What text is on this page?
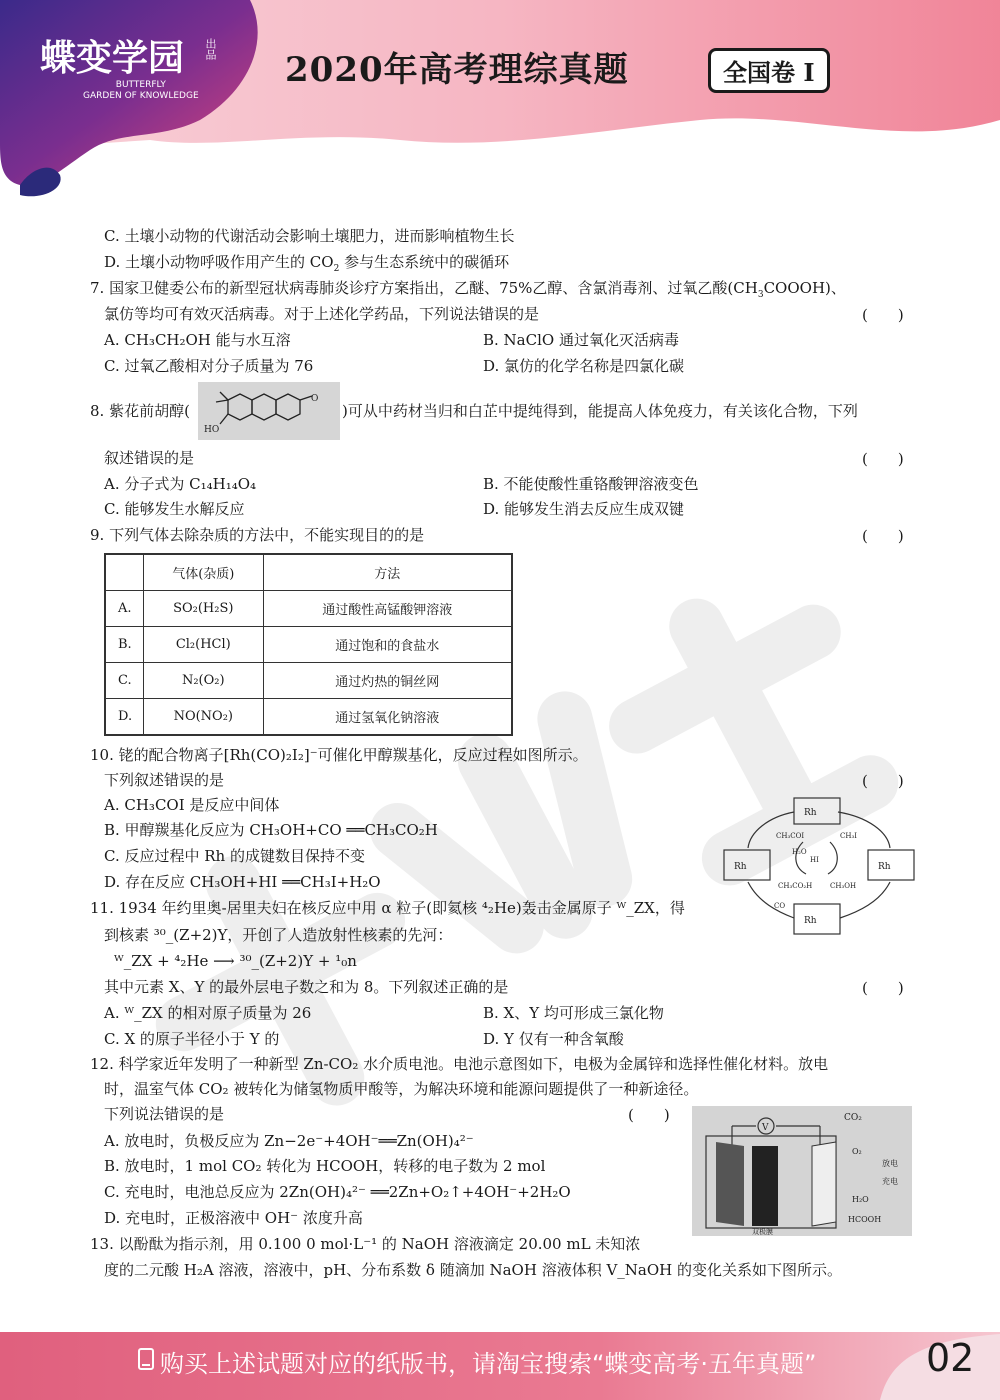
蝶变学园
BUTTERFLY
GARDEN OF KNOWLEDGE
出品
2020年高考理综真题	全国卷 I
C. 土壤小动物的代谢活动会影响土壤肥力，进而影响植物生长
D. 土壤小动物呼吸作用产生的 $CO_2$ 参与生态系统中的碳循环
7. 国家卫健委公布的新型冠状病毒肺炎诊疗方案指出，乙醚、75%乙醇、含氯消毒剂、过氧乙酸$(CH_3COOOH)$、
氯仿等均可有效灭活病毒。对于上述化学药品，下列说法错误的是	(　　)
A. CH₃CH₂OH 能与水互溶	B. NaClO 通过氧化灭活病毒
C. 过氧乙酸相对分子质量为 76	D. 氯仿的化学名称是四氯化碳
8. 紫花前胡醇(
O
HO
)可从中药材当归和白芷中提纯得到，能提高人体免疫力，有关该化合物，下列
叙述错误的是	(　　)
A. 分子式为 C₁₄H₁₄O₄	B. 不能使酸性重铬酸钾溶液变色
C. 能够发生水解反应	D. 能够发生消去反应生成双键
9. 下列气体去除杂质的方法中，不能实现目的的是	(　　)
	气体(杂质)	方法
A.	SO₂(H₂S)	通过酸性高锰酸钾溶液
B.	Cl₂(HCl)	通过饱和的食盐水
C.	N₂(O₂)	通过灼热的铜丝网
D.	NO(NO₂)	通过氢氧化钠溶液
10. 铑的配合物离子[Rh(CO)₂I₂]⁻可催化甲醇羰基化，反应过程如图所示。
下列叙述错误的是	(　　)
A. CH₃COI 是反应中间体
B. 甲醇羰基化反应为 CH₃OH+CO ══CH₃CO₂H
C. 反应过程中 Rh 的成键数目保持不变
D. 存在反应 CH₃OH+HI ══CH₃I+H₂O
Rh
Rh	Rh
Rh
CH₃COI	CH₃I
HI
H₂O
CH₃CO₂H	CH₃OH
CO
11. 1934 年约里奥-居里夫妇在核反应中用 α 粒子(即氦核 ⁴₂He)轰击金属原子 ᵂ_ZX，得
到核素 ³⁰_(Z+2)Y，开创了人造放射性核素的先河：
ᵂ_ZX + ⁴₂He ⟶ ³⁰_(Z+2)Y + ¹₀n
其中元素 X、Y 的最外层电子数之和为 8。下列叙述正确的是	(　　)
A. ᵂ_ZX 的相对原子质量为 26	B. X、Y 均可形成三氯化物
C. X 的原子半径小于 Y 的	D. Y 仅有一种含氧酸
12. 科学家近年发明了一种新型 Zn-CO₂ 水介质电池。电池示意图如下，电极为金属锌和选择性催化材料。放电
时，温室气体 CO₂ 被转化为储氢物质甲酸等，为解决环境和能源问题提供了一种新途径。
下列说法错误的是	(　　)
A. 放电时，负极反应为 Zn−2e⁻+4OH⁻══Zn(OH)₄²⁻
B. 放电时，1 mol CO₂ 转化为 HCOOH，转移的电子数为 2 mol
C. 充电时，电池总反应为 2Zn(OH)₄²⁻ ══2Zn+O₂↑+4OH⁻+2H₂O
D. 充电时，正极溶液中 OH⁻ 浓度升高
V
CO₂
放电
充电
H₂O
O₂
HCOOH
双极膜
13. 以酚酞为指示剂，用 0.100 0 mol·L⁻¹ 的 NaOH 溶液滴定 20.00 mL 未知浓
度的二元酸 H₂A 溶液，溶液中，pH、分布系数 δ 随滴加 NaOH 溶液体积 V_NaOH 的变化关系如下图所示。
购买上述试题对应的纸版书，请淘宝搜索“蝶变高考·五年真题”	02
